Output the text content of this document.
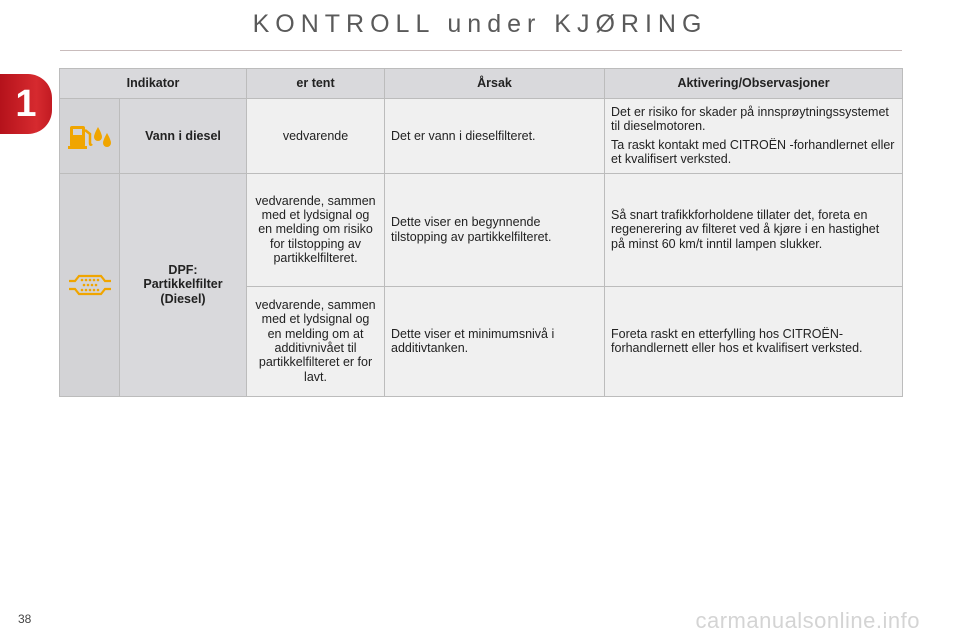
KONTROLL under KJØRING
1	Indikator		er tent	Årsak	Aktivering/Observasjoner

	Vann i diesel	vedvarende	Det er vann i dieselfilteret.	Det er risiko for skader på innsprøytningssystemet til dieselmotoren.
Ta raskt kontakt med CITROËN -forhandlernet eller et kvalifisert verksted.

DPF:
Partikkelfilter
(Diesel)	vedvarende, sammen med et lydsignal og en melding om risiko for tilstopping av partikkelfilteret.	Dette viser en begynnende tilstopping av partikkelfilteret.	Så snart trafikkforholdene tillater det, foreta en regenerering av filteret ved å kjøre i en hastighet på minst 60 km/t inntil lampen slukker.
		vedvarende, sammen med et lydsignal og en melding om at additivnivået til partikkelfilteret er for lavt.	Dette viser et minimumsnivå i additivtanken.	Foreta raskt en etterfylling hos CITROËN-forhandlernett eller hos et kvalifisert verksted.
38	carmanualsonline.info
